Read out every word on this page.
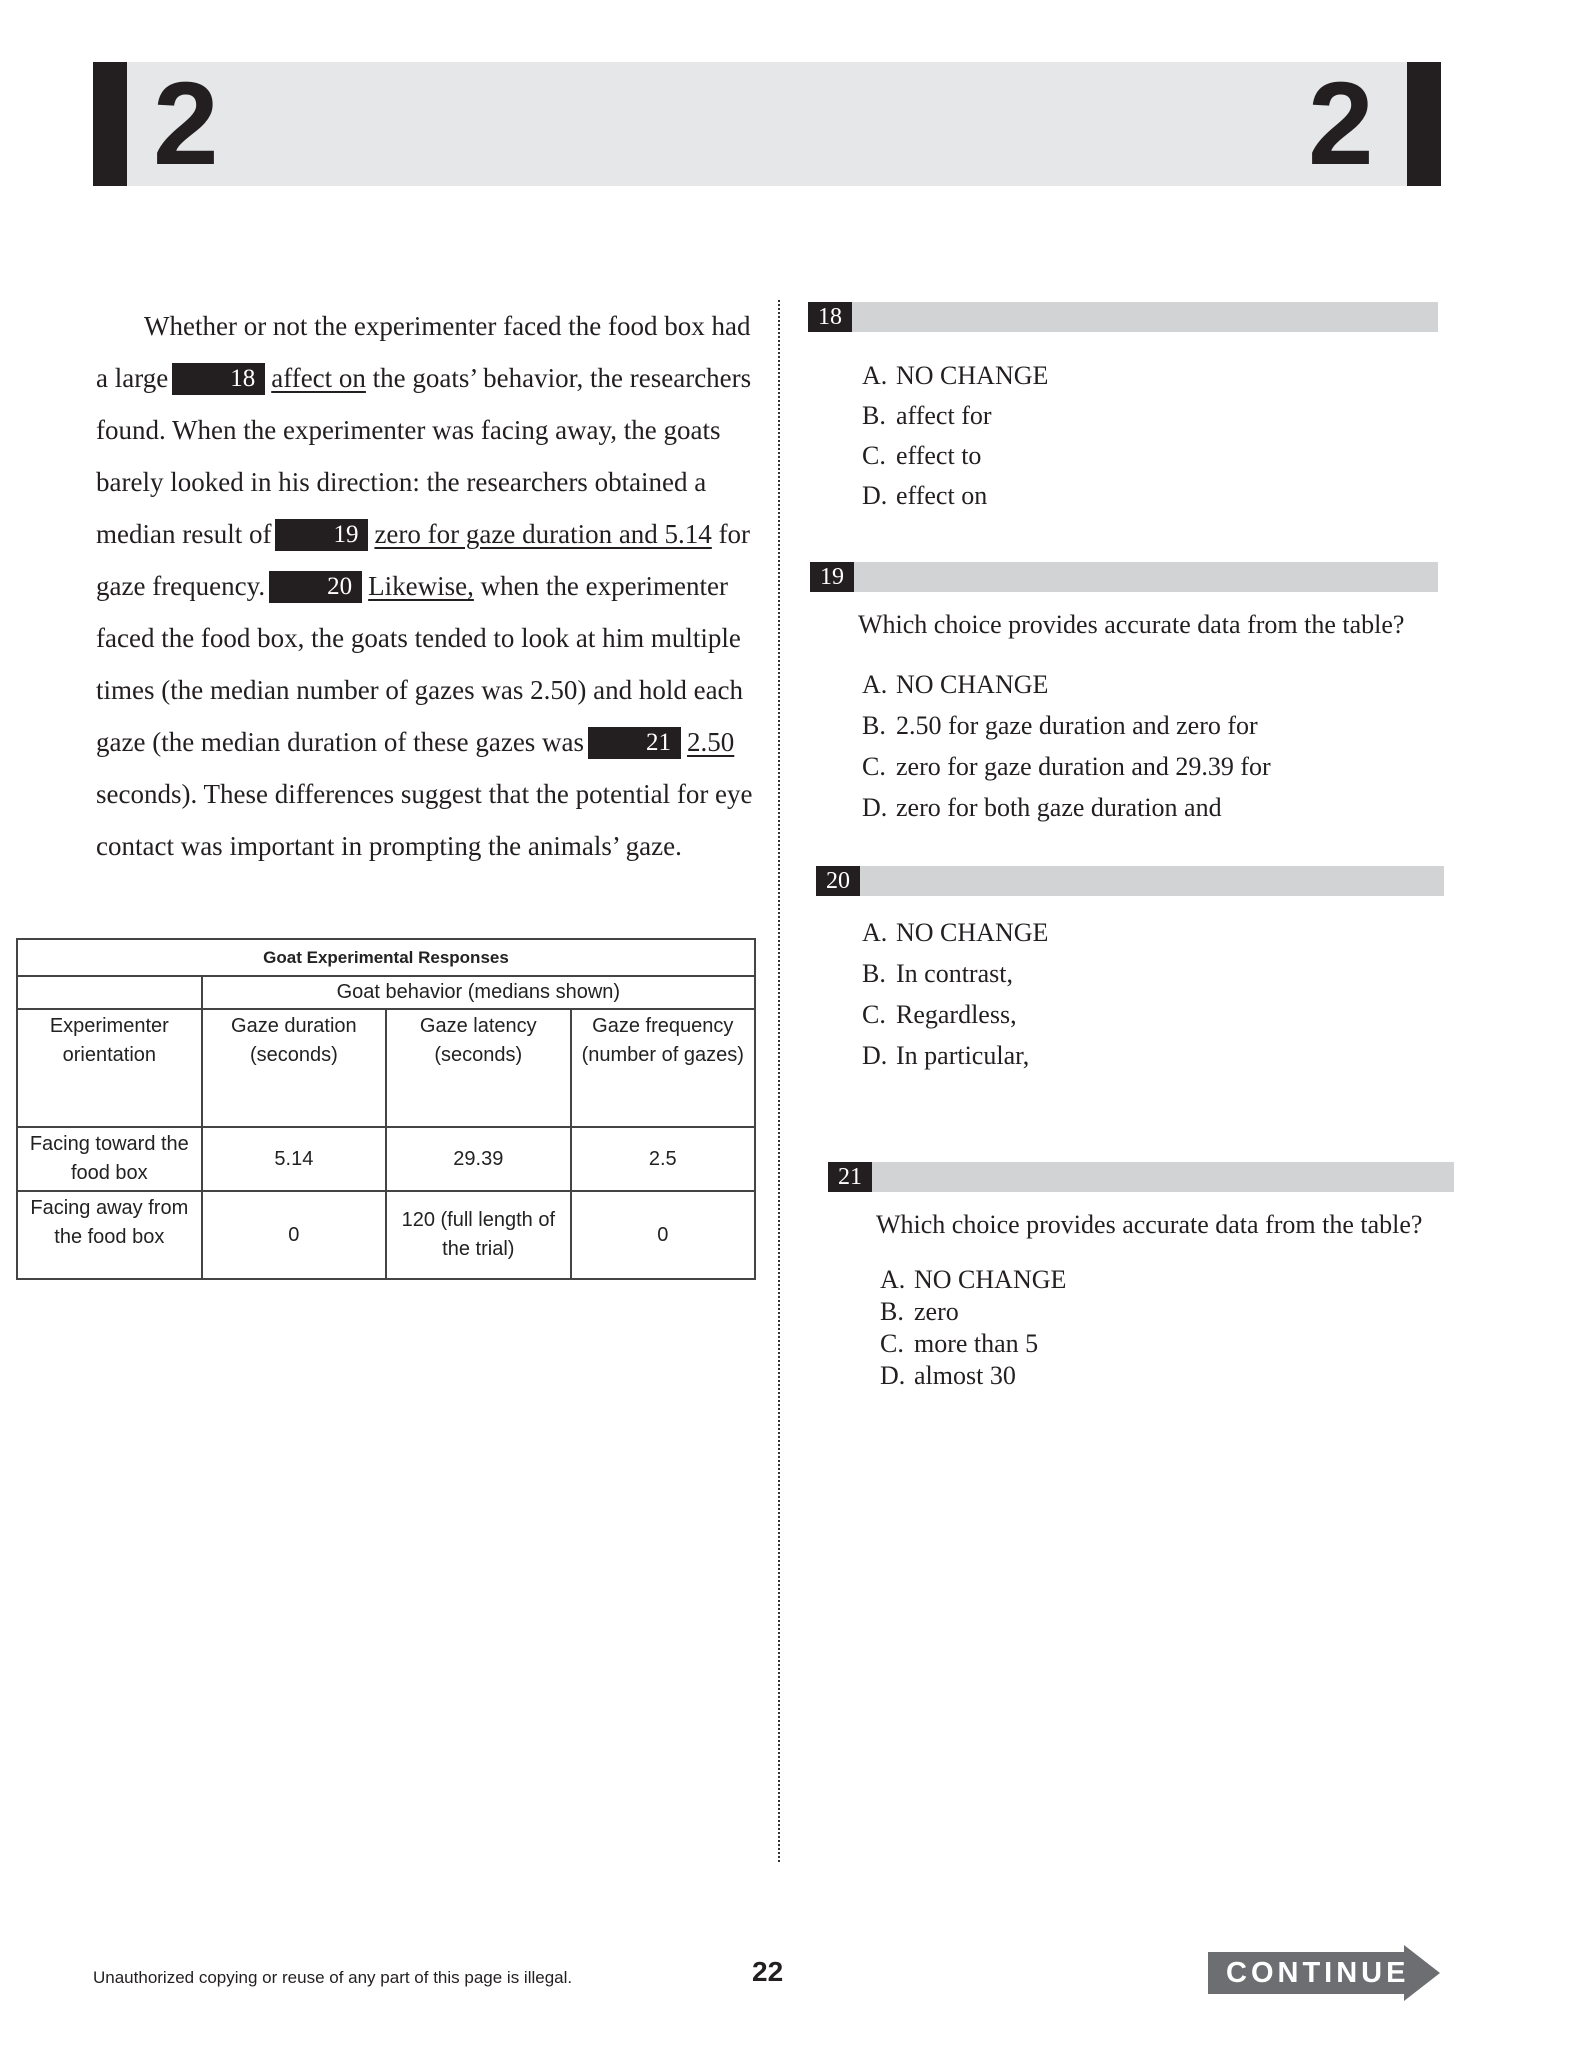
2	2

Whether or not the experimenter faced the food box had a large 18 affect on the goats’ behavior, the researchers found. When the experimenter was facing away, the goats barely looked in his direction: the researchers obtained a median result of 19 zero for gaze duration and 5.14 for gaze frequency. 20 Likewise, when the experimenter faced the food box, the goats tended to look at him multiple times (the median number of gazes was 2.50) and hold each gaze (the median duration of these gazes was 21 2.50 seconds). These differences suggest that the potential for eye contact was important in prompting the animals’ gaze.

Goat Experimental Responses			
	Goat behavior (medians shown)		
Experimenter orientation	Gaze duration (seconds)	Gaze latency (seconds)	Gaze frequency (number of gazes)
Facing toward the food box	5.14	29.39	2.5
Facing away from the food box	0	120 (full length of the trial)	0
18
A. NO CHANGE
B. affect for
C. effect to
D. effect on
19
Which choice provides accurate data from the table?
A. NO CHANGE
B. 2.50 for gaze duration and zero for
C. zero for gaze duration and 29.39 for
D. zero for both gaze duration and
20
A. NO CHANGE
B. In contrast,
C. Regardless,
D. In particular,
21
Which choice provides accurate data from the table?
A. NO CHANGE
B. zero
C. more than 5
D. almost 30
Unauthorized copying or reuse of any part of this page is illegal.	22	CONTINUE
